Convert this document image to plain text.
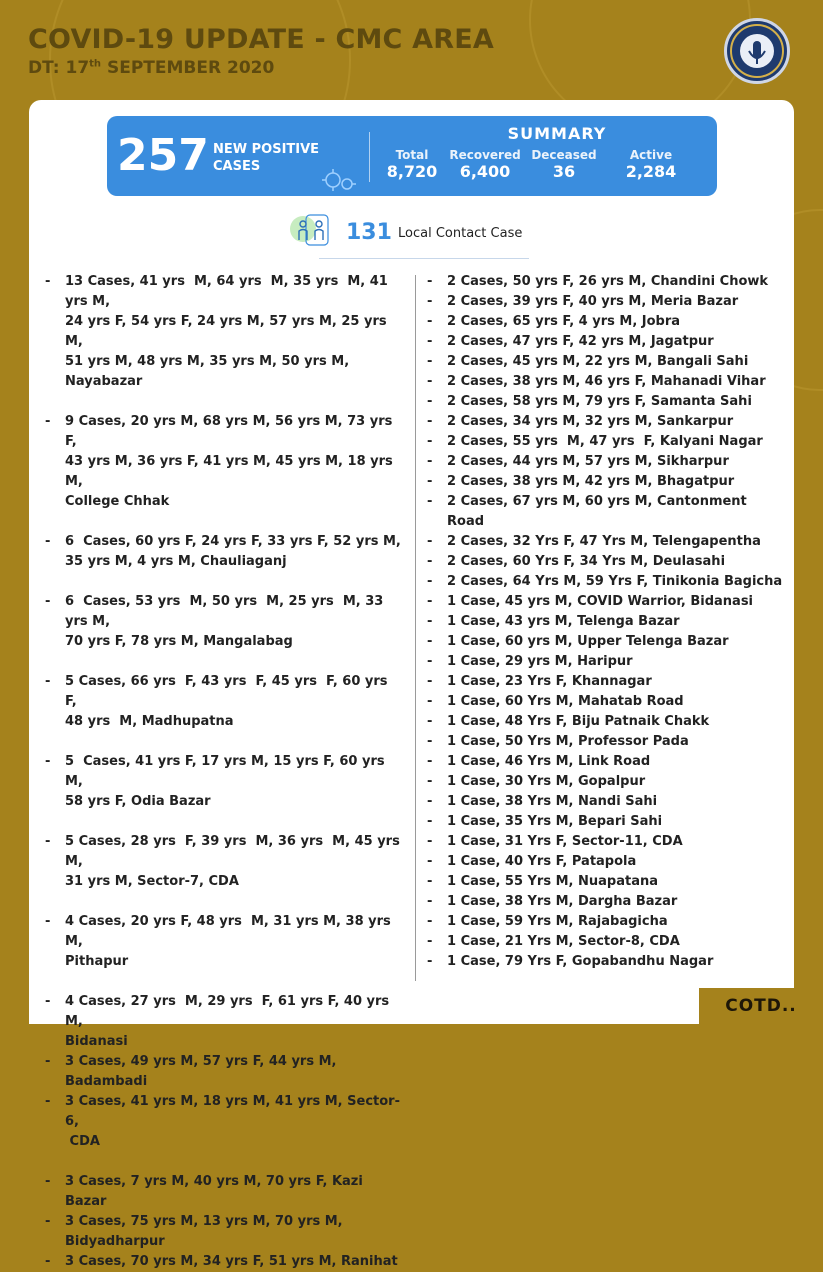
COVID-19 UPDATE - CMC AREA
DT: 17th SEPTEMBER 2020
257 NEW POSITIVE CASES
SUMMARY
Total
8,720
Recovered
6,400
Deceased
36
Active
2,284
131 Local Contact Case
- 13 Cases, 41 yrs  M, 64 yrs  M, 35 yrs  M, 41 yrs M,
24 yrs F, 54 yrs F, 24 yrs M, 57 yrs M, 25 yrs M,
51 yrs M, 48 yrs M, 35 yrs M, 50 yrs M, Nayabazar
- 9 Cases, 20 yrs M, 68 yrs M, 56 yrs M, 73 yrs F,
43 yrs M, 36 yrs F, 41 yrs M, 45 yrs M, 18 yrs M,
College Chhak
- 6  Cases, 60 yrs F, 24 yrs F, 33 yrs F, 52 yrs M,
35 yrs M, 4 yrs M, Chauliaganj
- 6  Cases, 53 yrs  M, 50 yrs  M, 25 yrs  M, 33 yrs M,
70 yrs F, 78 yrs M, Mangalabag
- 5 Cases, 66 yrs  F, 43 yrs  F, 45 yrs  F, 60 yrs  F,
48 yrs  M, Madhupatna
- 5  Cases, 41 yrs F, 17 yrs M, 15 yrs F, 60 yrs M,
58 yrs F, Odia Bazar
- 5 Cases, 28 yrs  F, 39 yrs  M, 36 yrs  M, 45 yrs M,
31 yrs M, Sector-7, CDA
- 4 Cases, 20 yrs F, 48 yrs  M, 31 yrs M, 38 yrs M,
Pithapur
- 4 Cases, 27 yrs  M, 29 yrs  F, 61 yrs F, 40 yrs M,
Bidanasi
- 3 Cases, 49 yrs M, 57 yrs F, 44 yrs M, Badambadi
- 3 Cases, 41 yrs M, 18 yrs M, 41 yrs M, Sector-6,
CDA
- 3 Cases, 7 yrs M, 40 yrs M, 70 yrs F, Kazi Bazar
- 3 Cases, 75 yrs M, 13 yrs M, 70 yrs M, Bidyadharpur
- 3 Cases, 70 yrs M, 34 yrs F, 51 yrs M, Ranihat
- 2 Cases, 50 yrs F, 26 yrs M, Chandini Chowk
- 2 Cases, 39 yrs F, 40 yrs M, Meria Bazar
- 2 Cases, 65 yrs F, 4 yrs M, Jobra
- 2 Cases, 47 yrs F, 42 yrs M, Jagatpur
- 2 Cases, 45 yrs M, 22 yrs M, Bangali Sahi
- 2 Cases, 38 yrs M, 46 yrs F, Mahanadi Vihar
- 2 Cases, 58 yrs M, 79 yrs F, Samanta Sahi
- 2 Cases, 34 yrs M, 32 yrs M, Sankarpur
- 2 Cases, 55 yrs  M, 47 yrs  F, Kalyani Nagar
- 2 Cases, 44 yrs M, 57 yrs M, Sikharpur
- 2 Cases, 38 yrs M, 42 yrs M, Bhagatpur
- 2 Cases, 67 yrs M, 60 yrs M, Cantonment Road
- 2 Cases, 32 Yrs F, 47 Yrs M, Telengapentha
- 2 Cases, 60 Yrs F, 34 Yrs M, Deulasahi
- 2 Cases, 64 Yrs M, 59 Yrs F, Tinikonia Bagicha
- 1 Case, 45 yrs M, COVID Warrior, Bidanasi
- 1 Case, 43 yrs M, Telenga Bazar
- 1 Case, 60 yrs M, Upper Telenga Bazar
- 1 Case, 29 yrs M, Haripur
- 1 Case, 23 Yrs F, Khannagar
- 1 Case, 60 Yrs M, Mahatab Road
- 1 Case, 48 Yrs F, Biju Patnaik Chakk
- 1 Case, 50 Yrs M, Professor Pada
- 1 Case, 46 Yrs M, Link Road
- 1 Case, 30 Yrs M, Gopalpur
- 1 Case, 38 Yrs M, Nandi Sahi
- 1 Case, 35 Yrs M, Bepari Sahi
- 1 Case, 31 Yrs F, Sector-11, CDA
- 1 Case, 40 Yrs F, Patapola
- 1 Case, 55 Yrs M, Nuapatana
- 1 Case, 38 Yrs M, Dargha Bazar
- 1 Case, 59 Yrs M, Rajabagicha
- 1 Case, 21 Yrs M, Sector-8, CDA
- 1 Case, 79 Yrs F, Gopabandhu Nagar
COTD..
